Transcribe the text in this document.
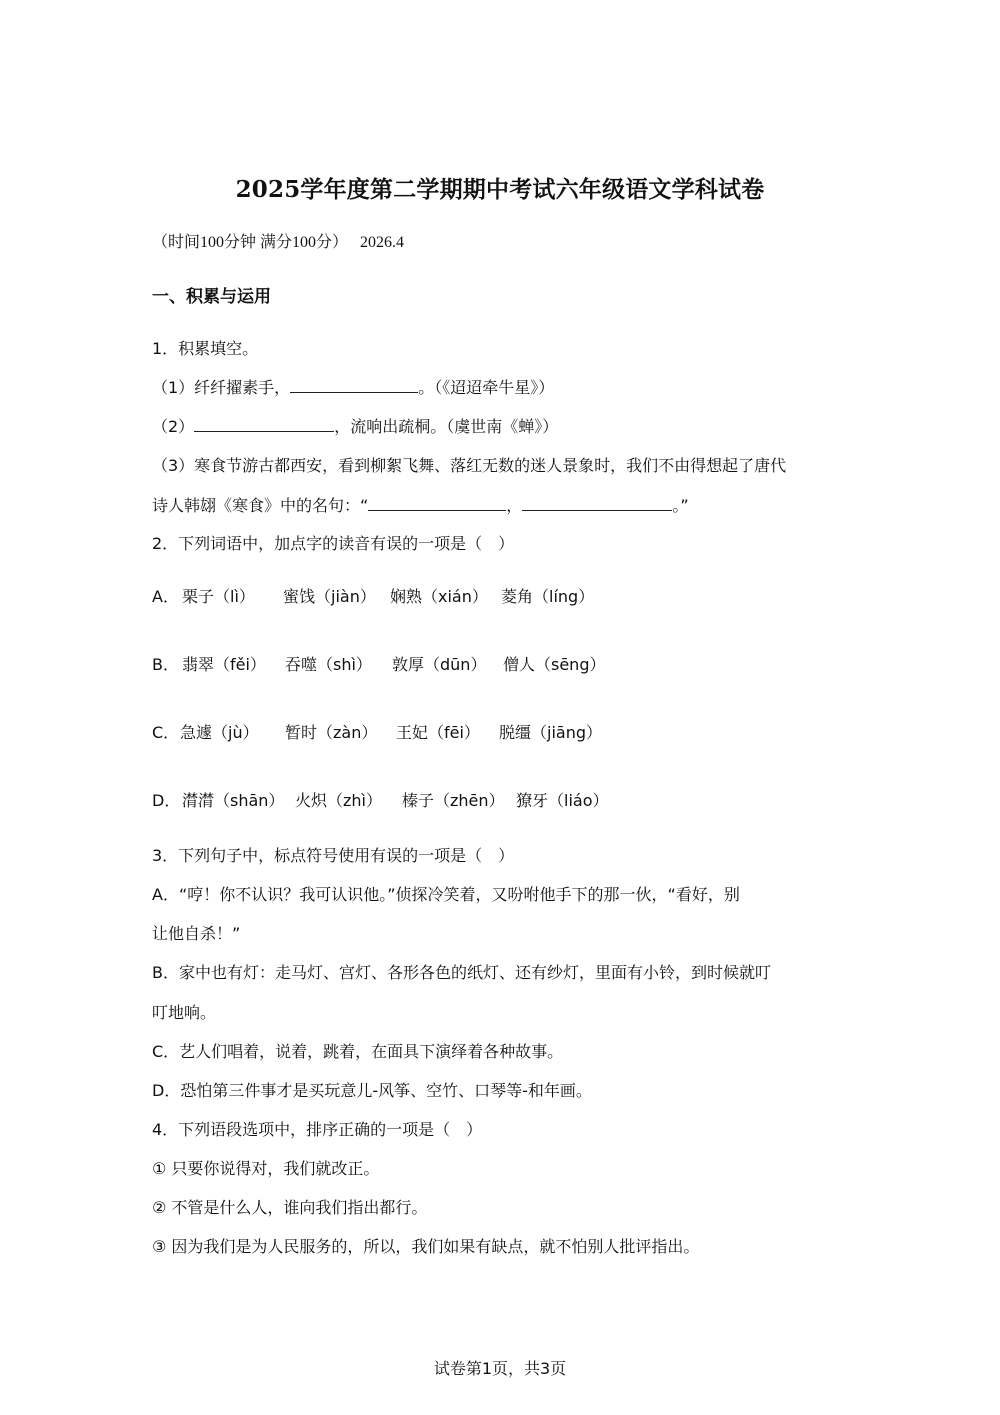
2025学年度第二学期期中考试六年级语文学科试卷
（时间100分钟 满分100分）　 2026.4
一、积累与运用
1．积累填空。
（1）纤纤擢素手，	。（《迢迢牵牛星》）
（2）	，流响出疏桐。（虞世南《蝉》）
（3）寒食节游古都西安，看到柳絮飞舞、落红无数的迷人景象时，我们不由得想起了唐代
诗人韩翃《寒食》中的名句：“	，	。”
2．下列词语中，加点字的读音有误的一项是（　）
A． 栗子（lì） 蜜饯（jiàn） 娴熟（xián） 菱角（líng）
B． 翡翠（fěi） 吞噬（shì） 敦厚（dūn） 僧人（sēng）
C． 急遽（jù） 暂时（zàn） 王妃（fēi） 脱缰（jiāng）
D． 潸潸（shān） 火炽（zhì） 榛子（zhēn） 獠牙（liáo）
3．下列句子中，标点符号使用有误的一项是（　）
A．“哼！你不认识？我可认识他。”侦探冷笑着，又吩咐他手下的那一伙，“看好，别
让他自杀！”
B．家中也有灯：走马灯、宫灯、各形各色的纸灯、还有纱灯，里面有小铃，到时候就叮
叮地响。
C．艺人们唱着，说着，跳着，在面具下演绎着各种故事。
D．恐怕第三件事才是买玩意儿-风筝、空竹、口琴等-和年画。
4．下列语段选项中，排序正确的一项是（　）
① 只要你说得对，我们就改正。
② 不管是什么人，谁向我们指出都行。
③ 因为我们是为人民服务的，所以，我们如果有缺点，就不怕别人批评指出。
试卷第1页，共3页
